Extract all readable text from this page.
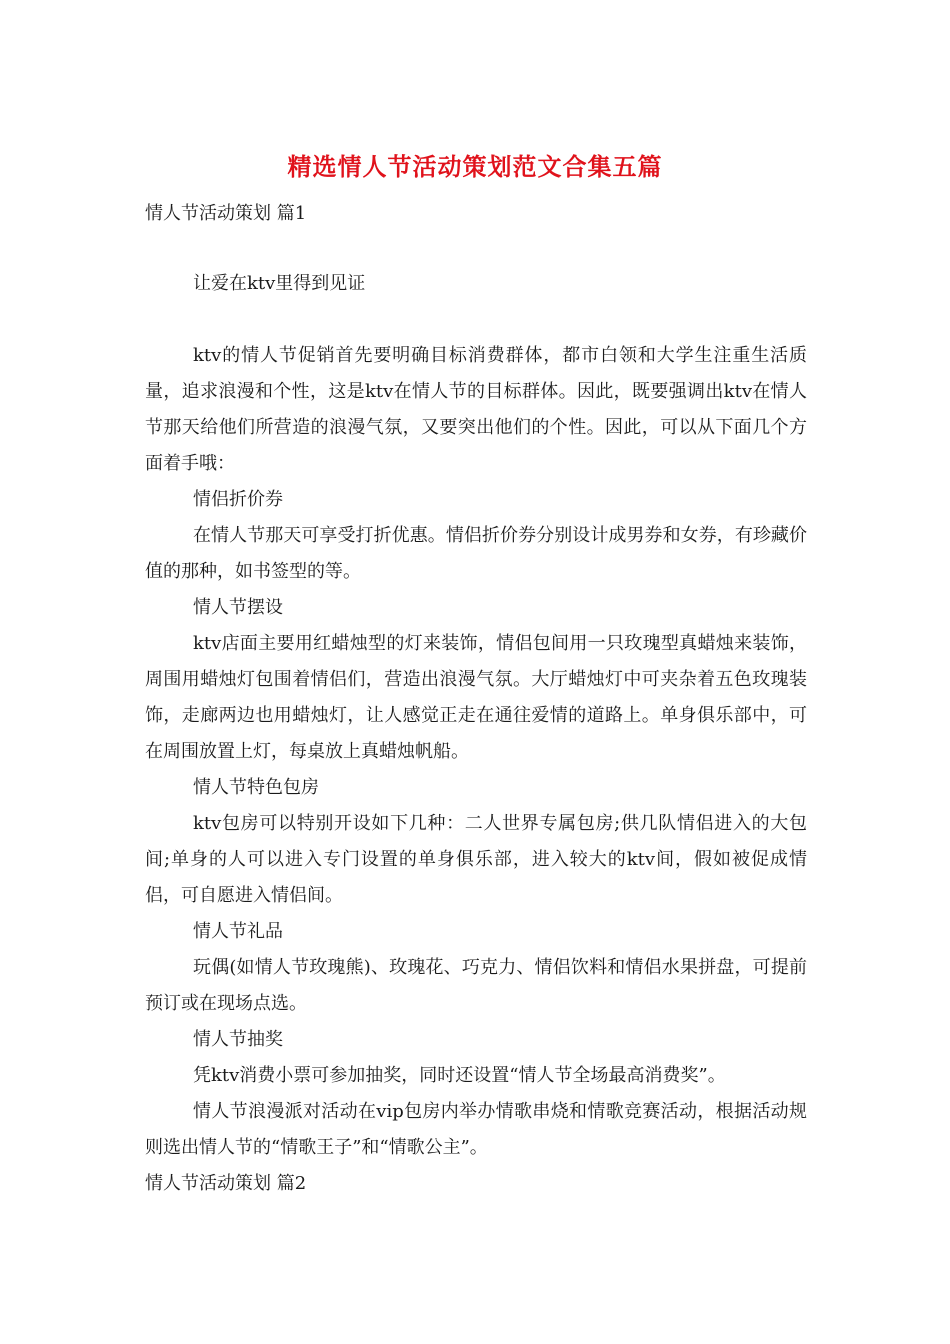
精选情人节活动策划范文合集五篇

情人节活动策划 篇1

让爱在ktv里得到见证

ktv的情人节促销首先要明确目标消费群体，都市白领和大学生注重生活质量，追求浪漫和个性，这是ktv在情人节的目标群体。因此，既要强调出ktv在情人节那天给他们所营造的浪漫气氛，又要突出他们的个性。因此，可以从下面几个方面着手哦：

情侣折价券

在情人节那天可享受打折优惠。情侣折价券分别设计成男券和女券，有珍藏价值的那种，如书签型的等。

情人节摆设

ktv店面主要用红蜡烛型的灯来装饰，情侣包间用一只玫瑰型真蜡烛来装饰，周围用蜡烛灯包围着情侣们，营造出浪漫气氛。大厅蜡烛灯中可夹杂着五色玫瑰装饰，走廊两边也用蜡烛灯，让人感觉正走在通往爱情的道路上。单身俱乐部中，可在周围放置上灯，每桌放上真蜡烛帆船。

情人节特色包房

ktv包房可以特别开设如下几种：二人世界专属包房;供几队情侣进入的大包间;单身的人可以进入专门设置的单身俱乐部，进入较大的ktv间，假如被促成情侣，可自愿进入情侣间。

情人节礼品

玩偶(如情人节玫瑰熊)、玫瑰花、巧克力、情侣饮料和情侣水果拼盘，可提前预订或在现场点选。

情人节抽奖

凭ktv消费小票可参加抽奖，同时还设置“情人节全场最高消费奖”。

情人节浪漫派对活动在vip包房内举办情歌串烧和情歌竞赛活动，根据活动规则选出情人节的“情歌王子”和“情歌公主”。

情人节活动策划 篇2
